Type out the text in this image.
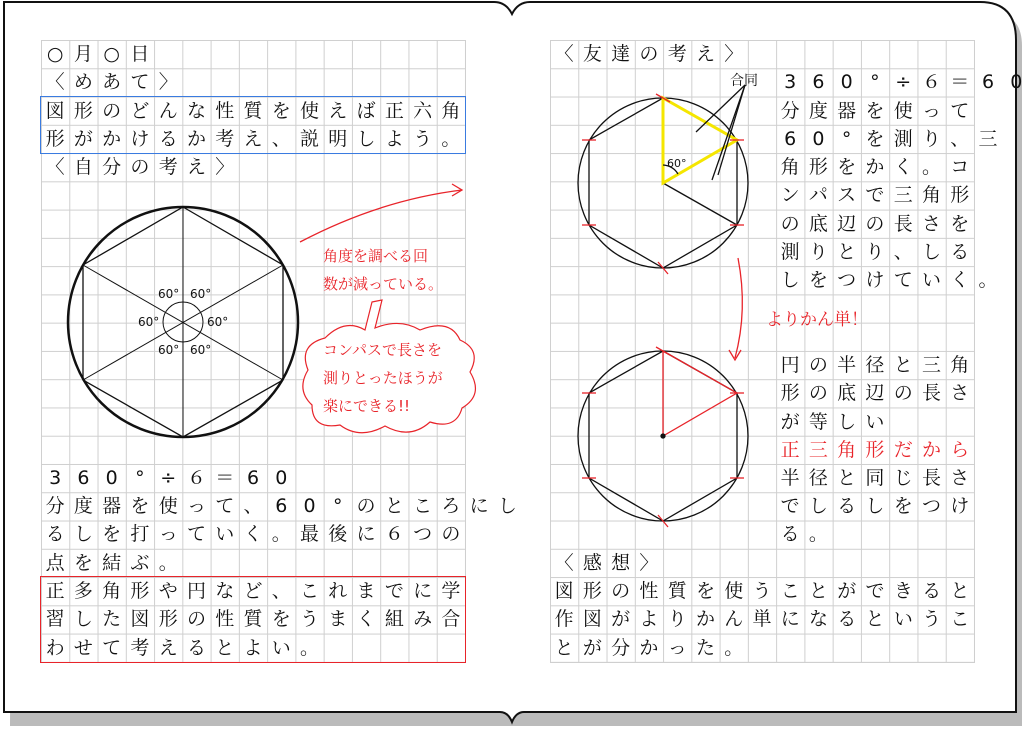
○ 月 ○ 日
〈 め あ て 〉
図 形 の ど ん な 性 質 を 使 え ば 正 六 角
形 が か け る か 考 え 、 説 明 し よ う 。
〈 自 分 の 考 え 〉
3 6 0 ° ÷ ６ ＝ 6 0
分 度 器 を 使 っ て 、 6 0 ° の と こ ろ に し
る し を 打 っ て い く 。 最 後 に ６ つ の
点 を 結 ぶ 。
正 多 角 形 や 円 な ど 、 こ れ ま で に 学
習 し た 図 形 の 性 質 を う ま く 組 み 合
わ せ て 考 え る と よ い 。
60° 60°
60°	60°
60° 60°
角度を調べる回
数が減っている。
コンパスで長さを
測りとったほうが
楽にできる!!
〈 友 達 の 考 え 〉
合同
60°
3 6 0 ° ÷ ６ ＝ 6 0
分 度 器 を 使 っ て
6 0 ° を 測 り 、 三
角 形 を か く 。 コ
ン パ ス で 三 角 形
の 底 辺 の 長 さ を
測 り と り 、 し る
し を つ け て い く 。
よりかん単！
円 の 半 径 と 三 角
形 の 底 辺 の 長 さ
が 等 し い
正 三 角 形 だ か ら
半 径 と 同 じ 長 さ
で し る し を つ け
る 。
〈 感 想 〉
図 形 の 性 質 を 使 う こ と が で き る と
作 図 が よ り か ん 単 に な る と い う こ
と が 分 か っ た 。
